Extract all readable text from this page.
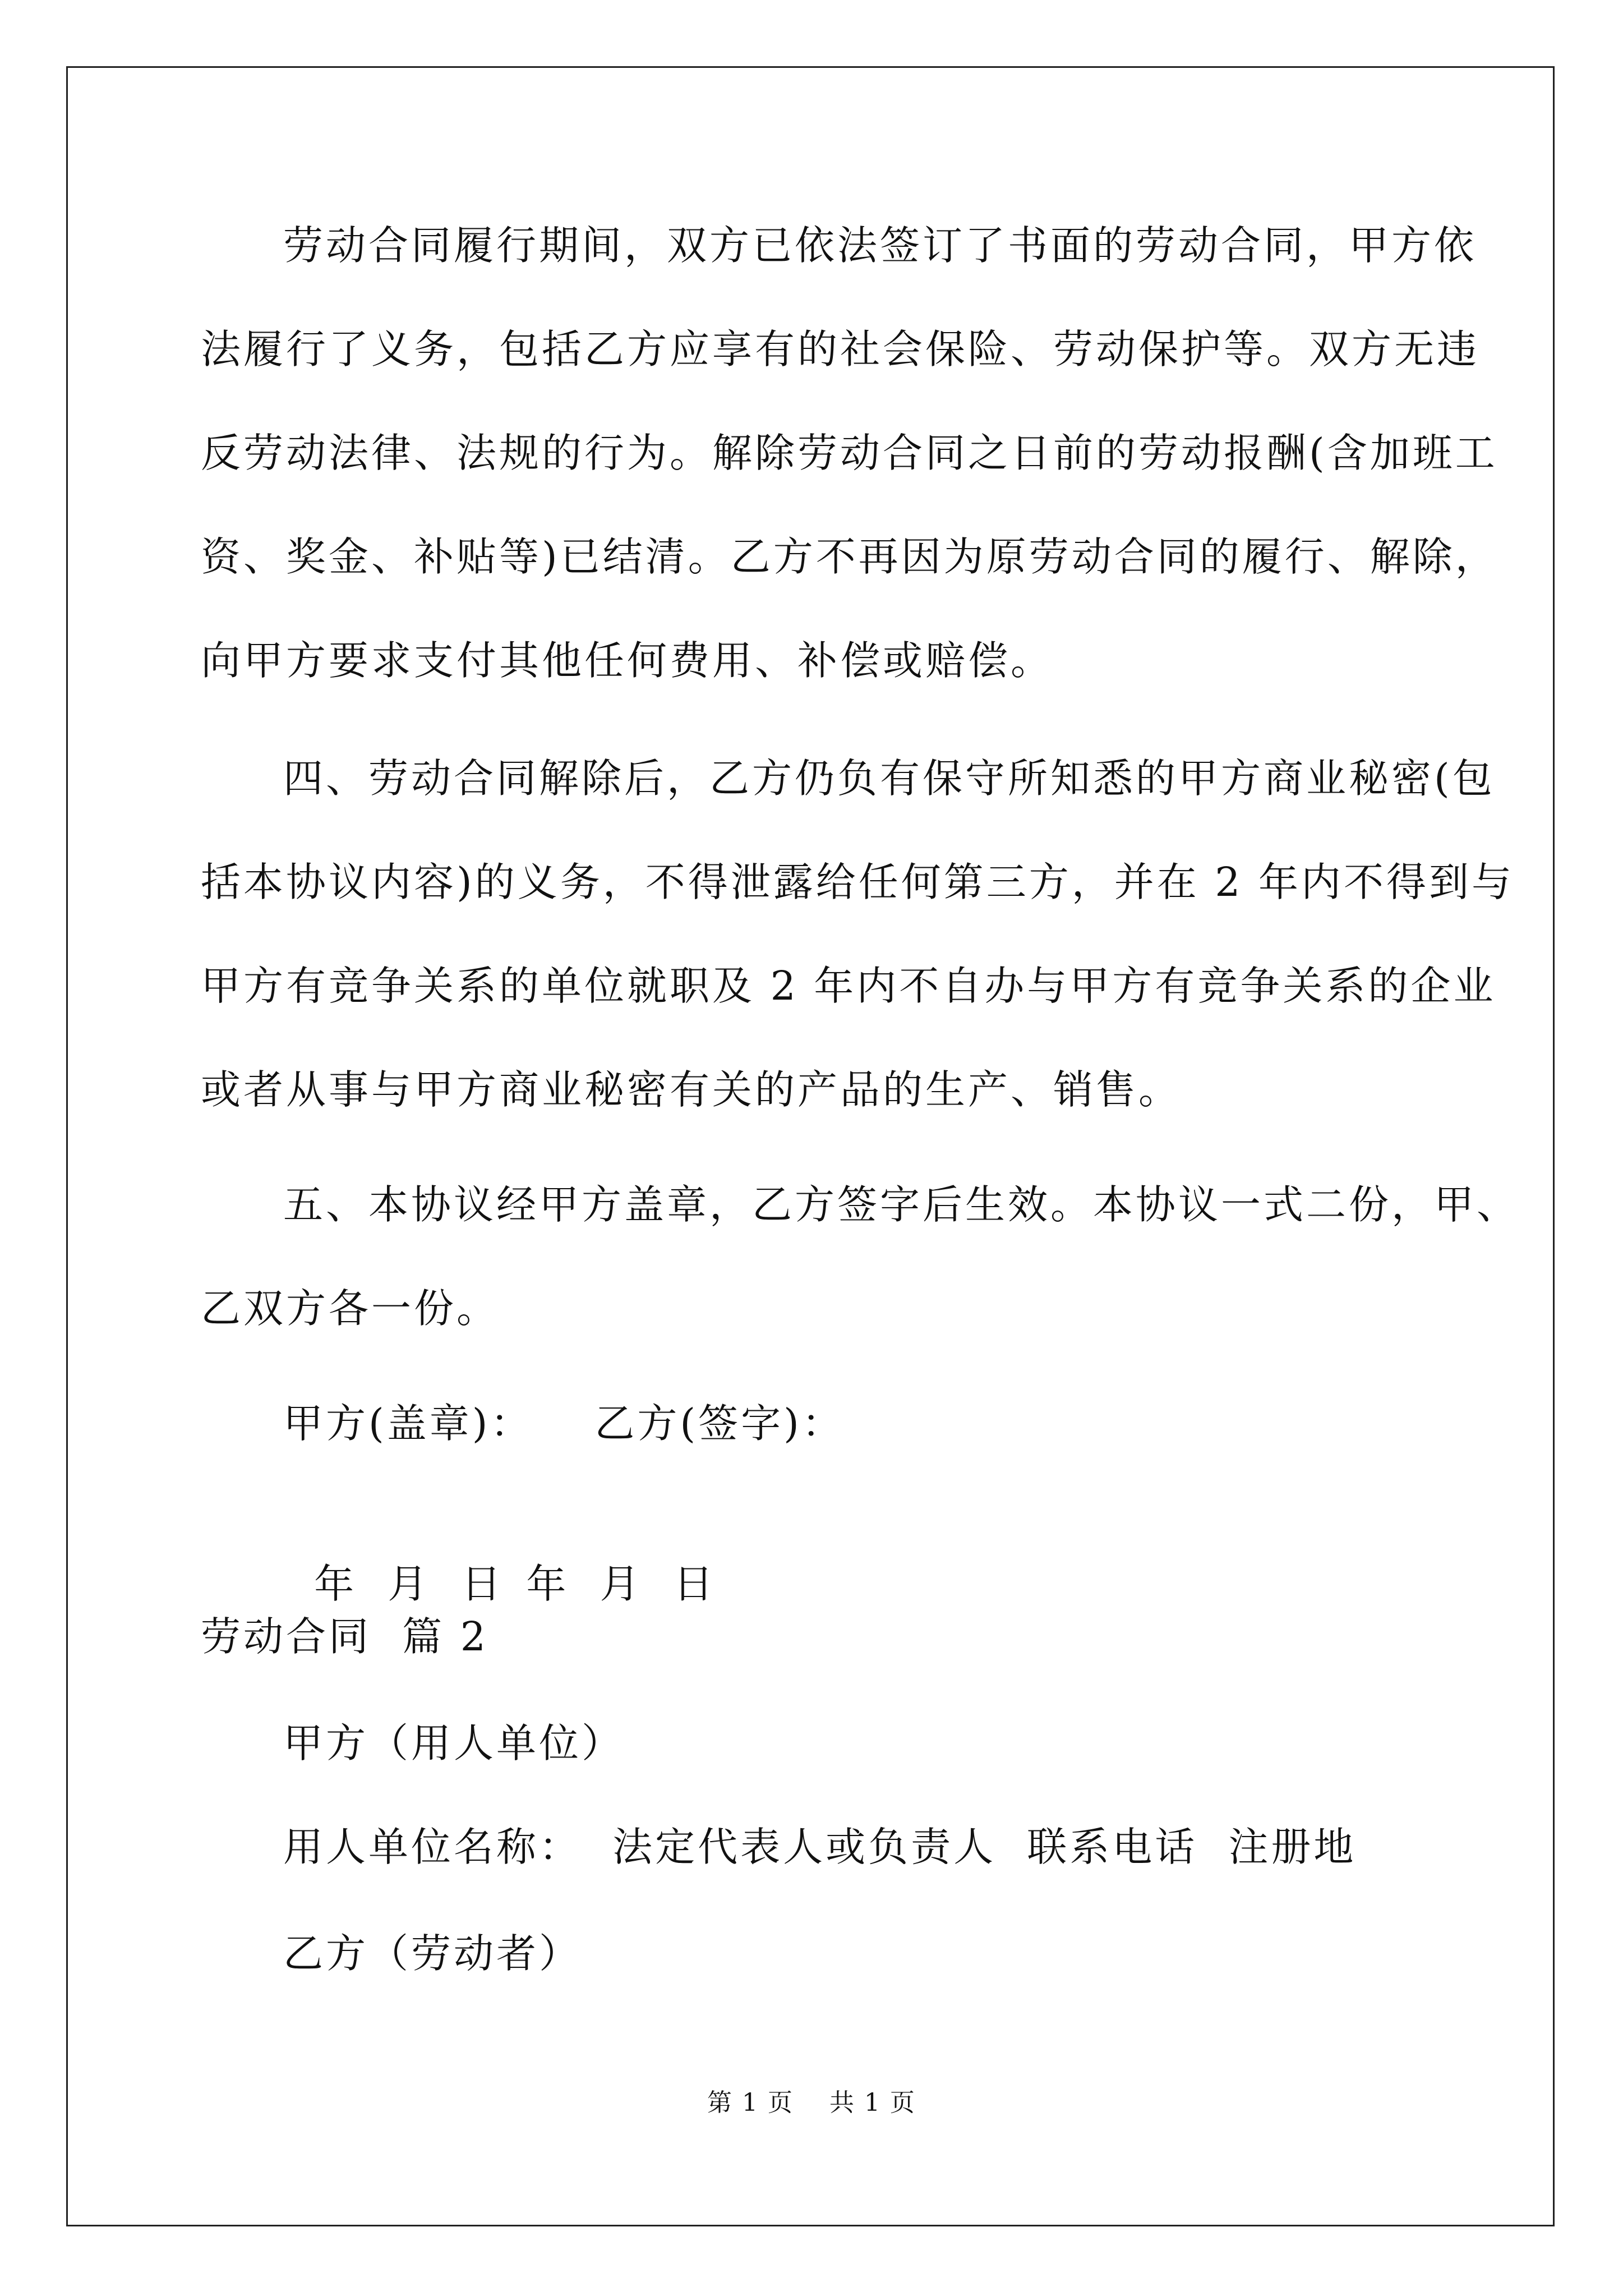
劳动合同履行期间，双方已依法签订了书面的劳动合同，甲方依
法履行了义务，包括乙方应享有的社会保险、劳动保护等。双方无违
反劳动法律、法规的行为。解除劳动合同之日前的劳动报酬(含加班工
资、奖金、补贴等)已结清。乙方不再因为原劳动合同的履行、解除，
向甲方要求支付其他任何费用、补偿或赔偿。
四、劳动合同解除后，乙方仍负有保守所知悉的甲方商业秘密(包
括本协议内容)的义务，不得泄露给任何第三方，并在 2 年内不得到与
甲方有竞争关系的单位就职及 2 年内不自办与甲方有竞争关系的企业
或者从事与甲方商业秘密有关的产品的生产、销售。
五、本协议经甲方盖章，乙方签字后生效。本协议一式二份，甲、
乙双方各一份。
甲方(盖章)： 乙方(签字)：

年  月  日 年  月  日

劳动合同  篇 2
甲方（用人单位）
用人单位名称：  法定代表人或负责人  联系电话  注册地
乙方（劳动者）
第 1 页    共 1 页
